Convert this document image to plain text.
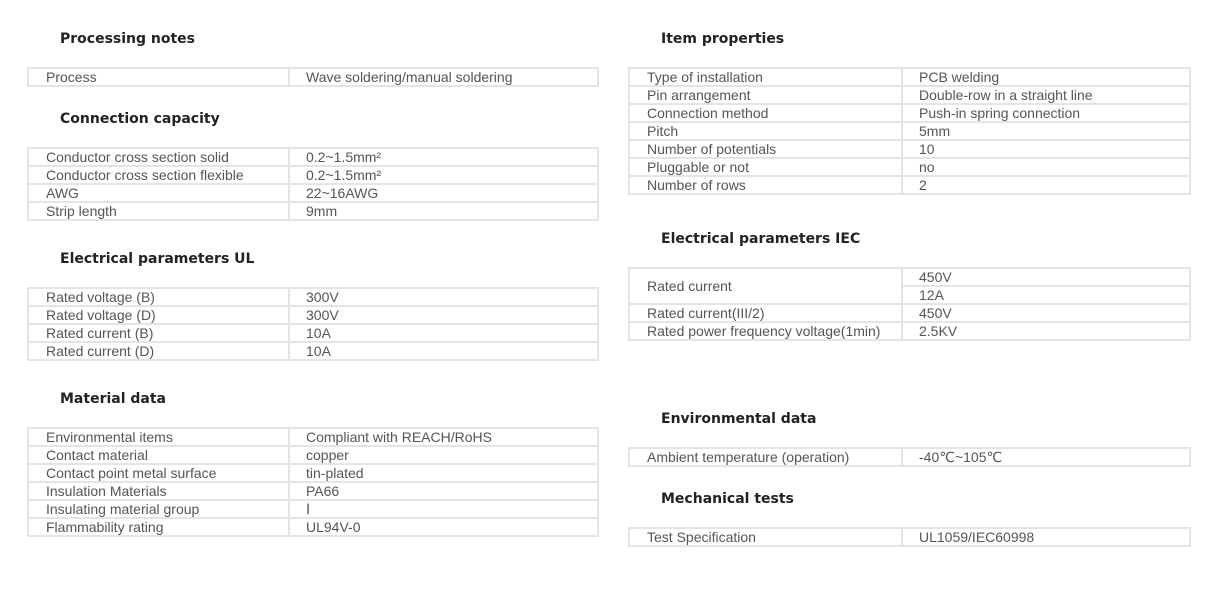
Processing notes
Process	Wave soldering/manual soldering
Connection capacity
Conductor cross section solid	0.2~1.5mm²
Conductor cross section flexible	0.2~1.5mm²
AWG	22~16AWG
Strip length	9mm
Electrical parameters UL
Rated voltage (B)	300V
Rated voltage (D)	300V
Rated current (B)	10A
Rated current (D)	10A
Material data
Environmental items	Compliant with REACH/RoHS
Contact material	copper
Contact point metal surface	tin-plated
Insulation Materials	PA66
Insulating material group	Ⅰ
Flammability rating	UL94V-0
Item properties
Type of installation	PCB welding
Pin arrangement	Double-row in a straight line
Connection method	Push-in spring connection
Pitch	5mm
Number of potentials	10
Pluggable or not	no
Number of rows	2
Electrical parameters IEC
Rated current	450V
	12A
Rated current(III/2)	450V
Rated power frequency voltage(1min)	2.5KV
Environmental data
Ambient temperature (operation)	-40℃~105℃
Mechanical tests
Test Specification	UL1059/IEC60998
